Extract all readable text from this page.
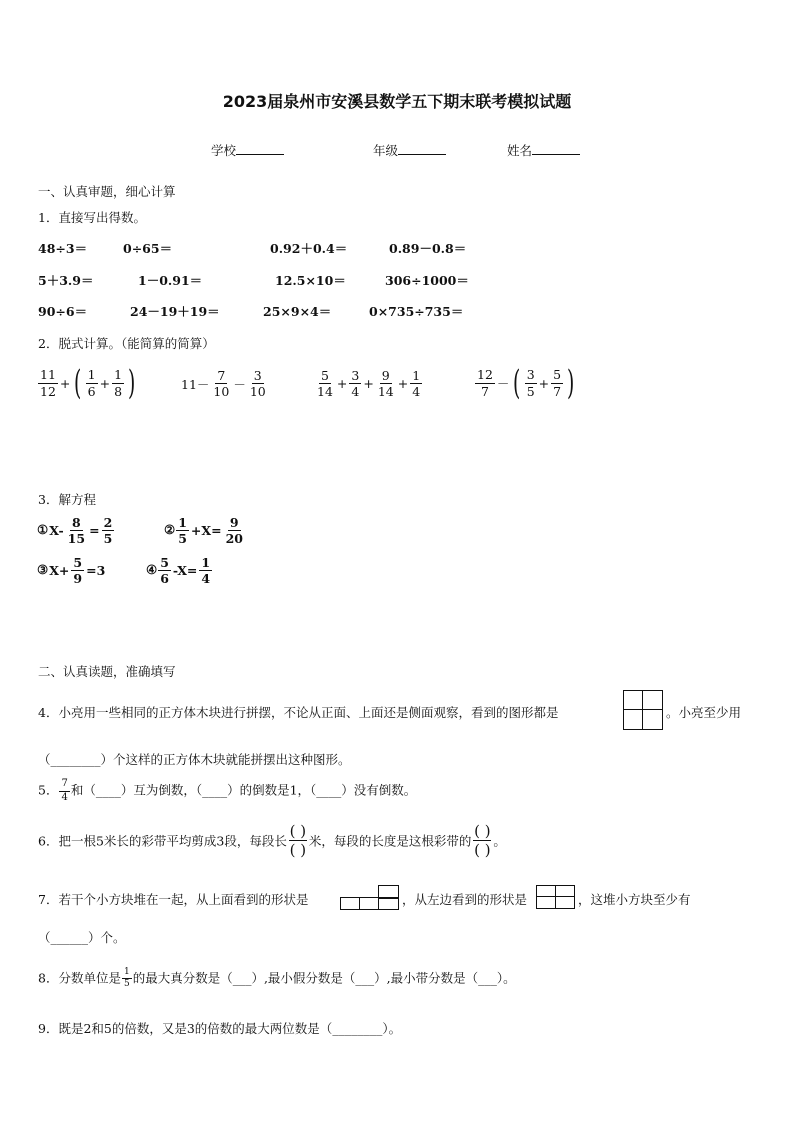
2023届泉州市安溪县数学五下期末联考模拟试题
学校	年级	姓名
一、认真审题，细心计算
1．直接写出得数。
48÷3＝	0÷65＝	0.92＋0.4＝	0.89－0.8＝
5＋3.9＝	1－0.91＝	12.5×10＝	306÷1000＝
90÷6＝	24－19＋19＝	25×9×4＝	0×735÷735＝
2．脱式计算。（能简算的简算）
$\frac{11}{12}$ + ( $\frac{1}{6} + \frac{1}{8}$ )	$11- \frac{7}{10} - \frac{3}{10}$	$\frac{5}{14} + \frac{3}{4} + \frac{9}{14} + \frac{1}{4}$	$\frac{12}{7}$ － ( $\frac{3}{5} + \frac{5}{7}$ )
3．解方程
①X- $\frac{8}{15} = \frac{2}{5}$	② $\frac{1}{5} +X= \frac{9}{20}$
③X+ $\frac{5}{9} =3$	④ $\frac{5}{6} -X= \frac{1}{4}$
二、认真读题，准确填写
4．小亮用一些相同的正方体木块进行拼摆，不论从正面、上面还是侧面观察，看到的图形都是	。小亮至少用
（________）个这样的正方体木块就能拼摆出这种图形。
5． $\frac{7}{4}$ 和（____）互为倒数，（____）的倒数是1，（____）没有倒数。
6．把一根5米长的彩带平均剪成3段，每段长 $\frac{( )}{( )}$ 米，每段的长度是这根彩带的 $\frac{( )}{( )}$ 。
7．若干个小方块堆在一起，从上面看到的形状是	，从左边看到的形状是	，这堆小方块至少有
（______）个。
8．分数单位是 $\frac{1}{5}$ 的最大真分数是（___）,最小假分数是（___）,最小带分数是（___）。
9．既是2和5的倍数，又是3的倍数的最大两位数是（________）。
